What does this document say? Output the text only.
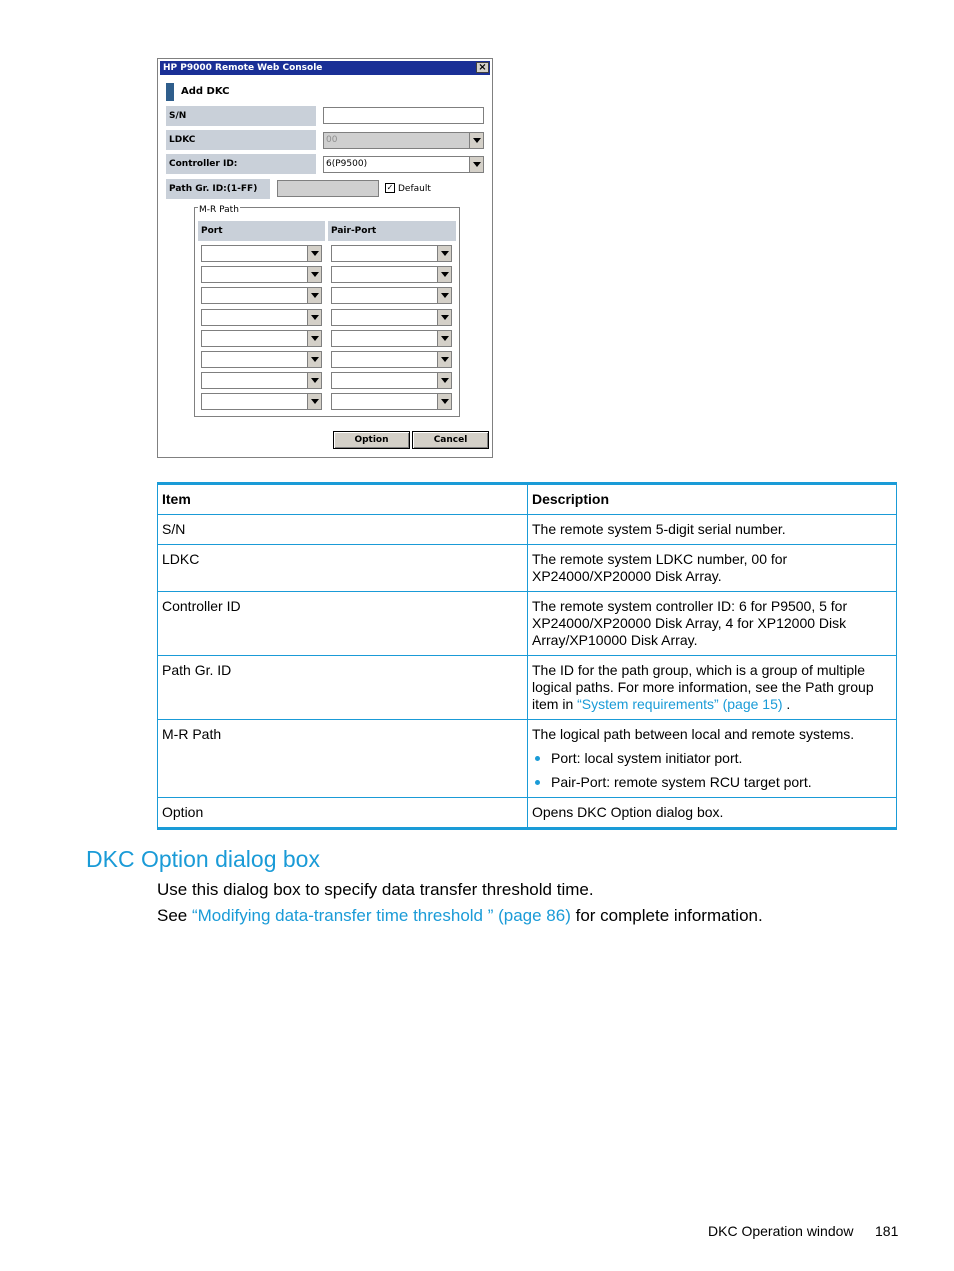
HP P9000 Remote Web Console	×
Add DKC
S/N
LDKC	00
Controller ID:	6(P9500)
Path Gr. ID:(1-FF)	✓ Default
M-R Path
Port	Pair-Port
Option	Cancel
Item	Description
S/N	The remote system 5-digit serial number.
LDKC	The remote system LDKC number, 00 for XP24000/XP20000 Disk Array.
Controller ID	The remote system controller ID: 6 for P9500, 5 for XP24000/XP20000 Disk Array, 4 for XP12000 Disk Array/XP10000 Disk Array.
Path Gr. ID	The ID for the path group, which is a group of multiple logical paths. For more information, see the Path group item in “System requirements” (page 15) .
M-R Path	The logical path between local and remote systems.
Port: local system initiator port.
Pair-Port: remote system RCU target port.

Option	Opens DKC Option dialog box.
DKC Option dialog box
Use this dialog box to specify data transfer threshold time.
See “Modifying data-transfer time threshold ” (page 86) for complete information.
DKC Operation window 181
